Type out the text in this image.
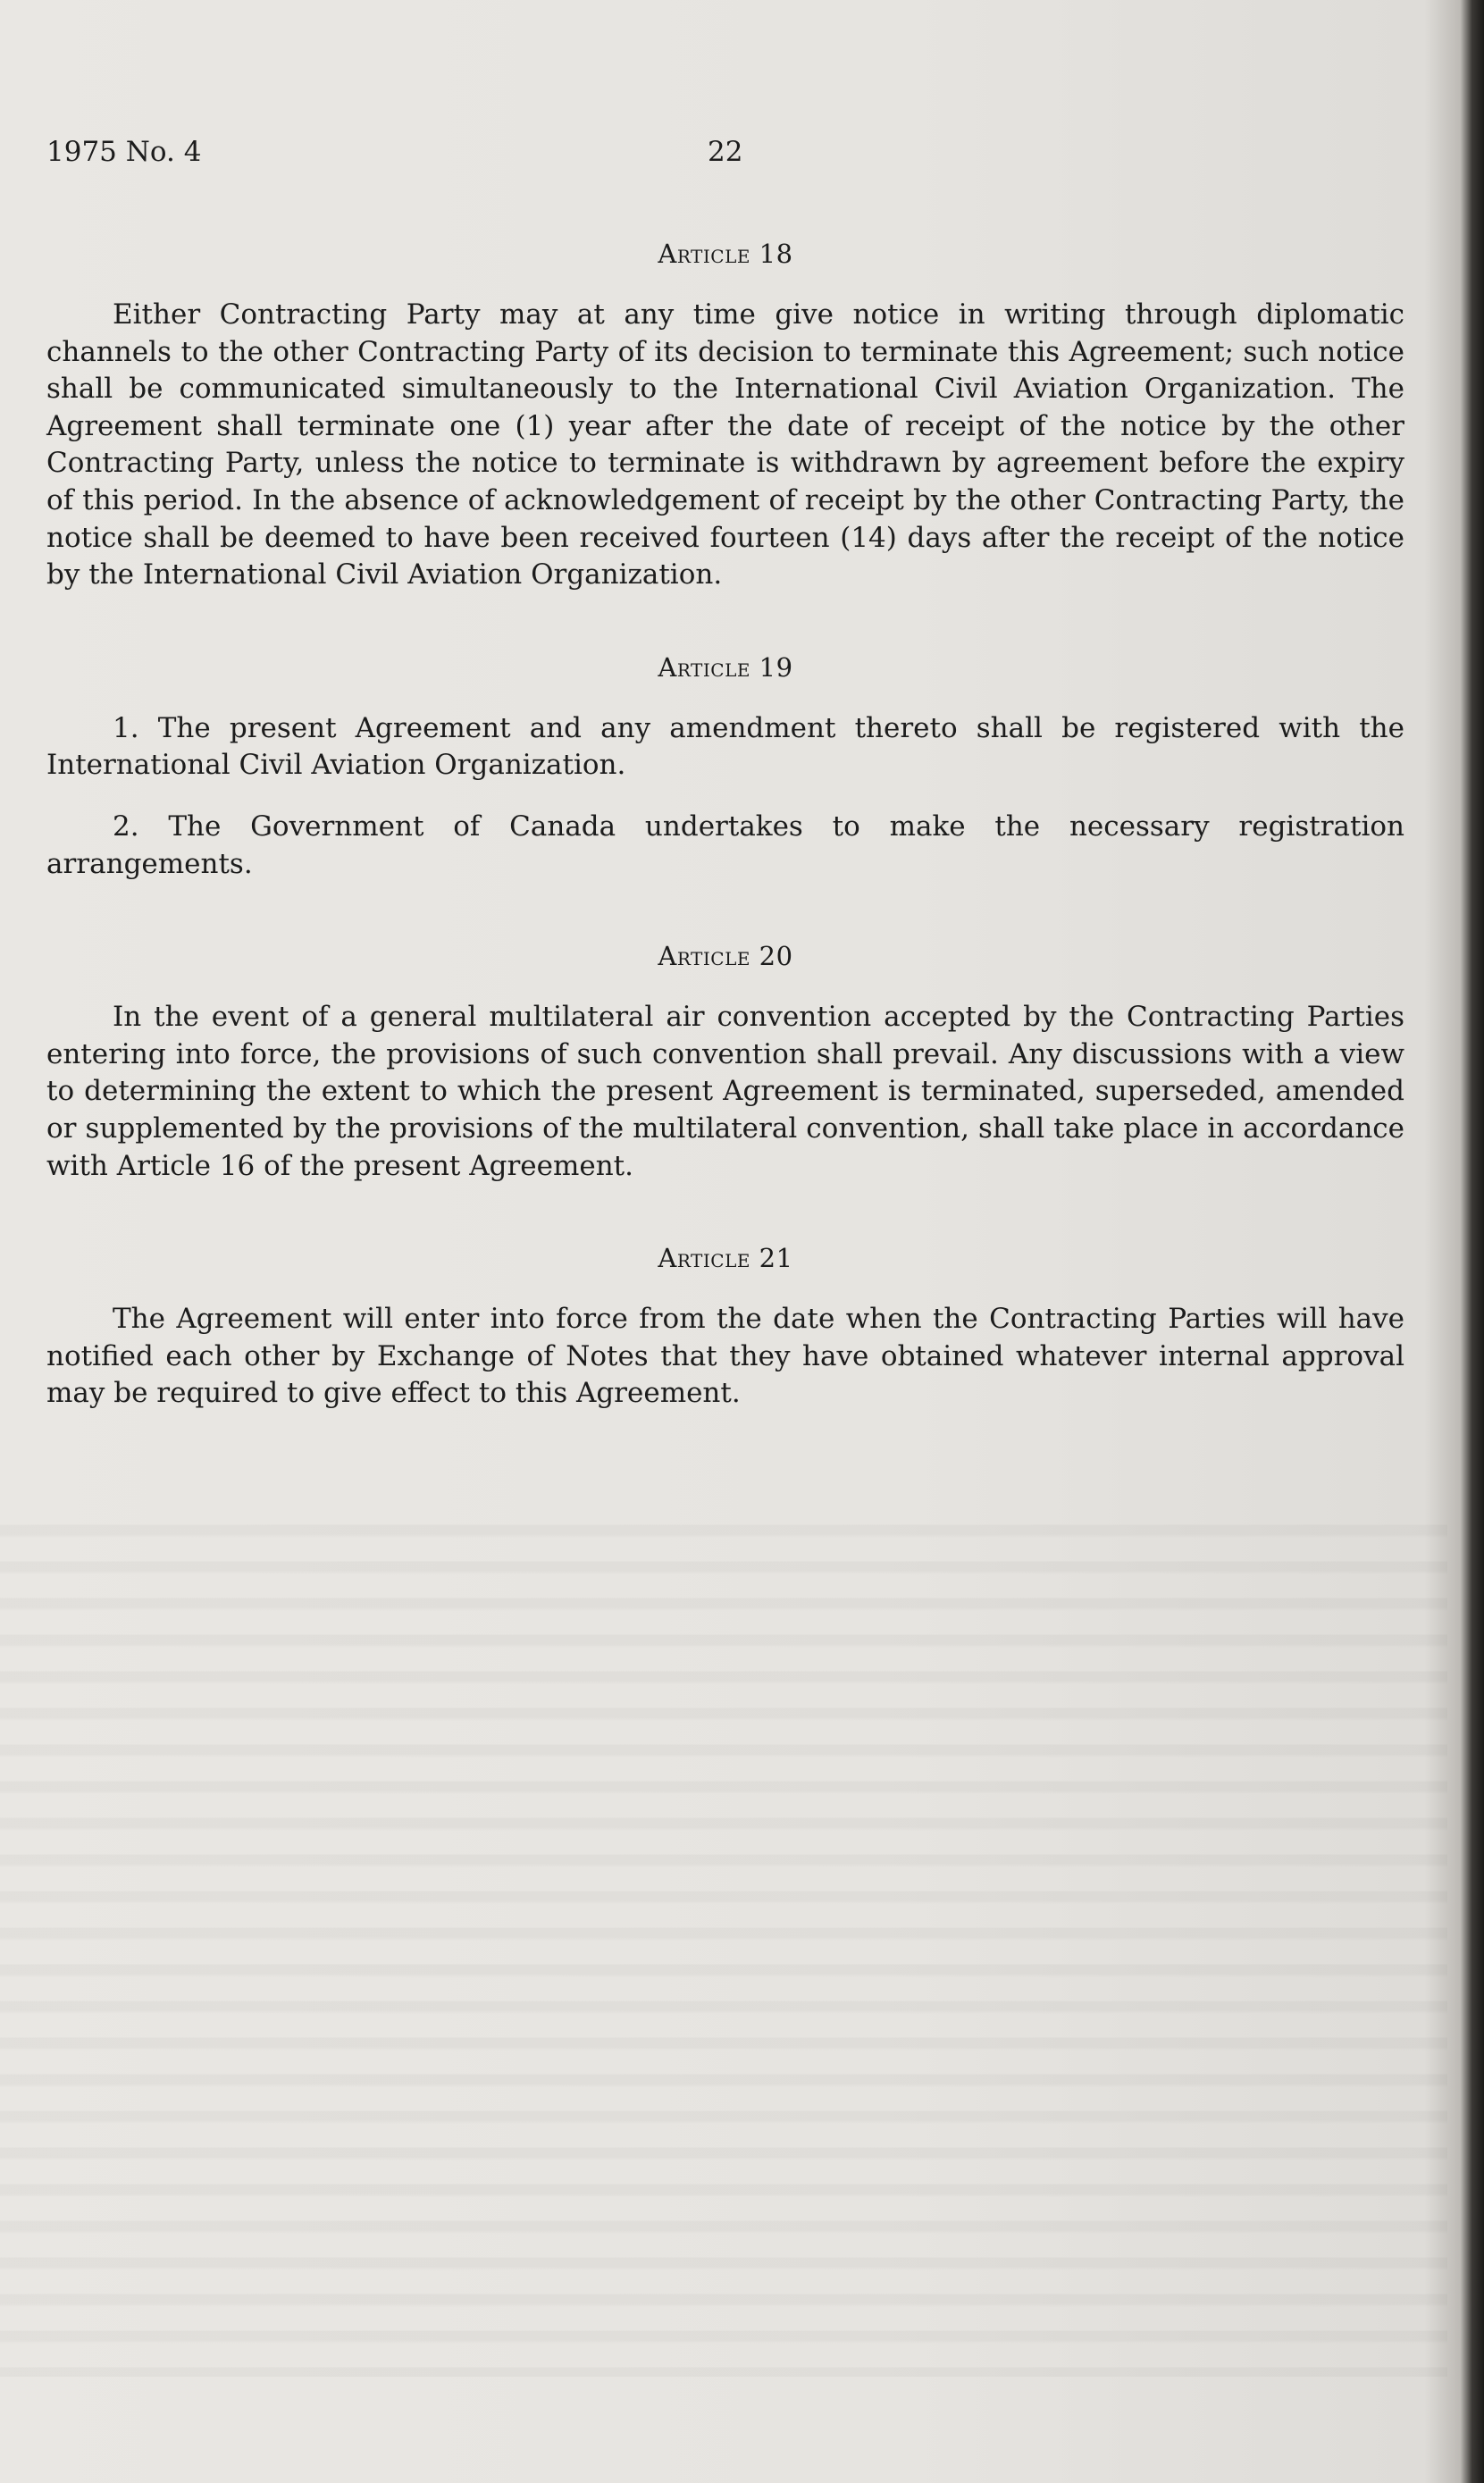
1975 No. 4	22
Article 18

Either Contracting Party may at any time give notice in writing through diplomatic channels to the other Contracting Party of its decision to terminate this Agreement; such notice shall be communicated simultaneously to the International Civil Aviation Organization. The Agreement shall terminate one (1) year after the date of receipt of the notice by the other Contracting Party, unless the notice to terminate is withdrawn by agreement before the expiry of this period. In the absence of acknowledgement of receipt by the other Contracting Party, the notice shall be deemed to have been received fourteen (14) days after the receipt of the notice by the International Civil Aviation Organization.

Article 19

1. The present Agreement and any amendment thereto shall be registered with the International Civil Aviation Organization.

2. The Government of Canada undertakes to make the necessary registration arrangements.

Article 20

In the event of a general multilateral air convention accepted by the Contracting Parties entering into force, the provisions of such convention shall prevail. Any discussions with a view to determining the extent to which the present Agreement is terminated, superseded, amended or supplemented by the provisions of the multilateral convention, shall take place in accordance with Article 16 of the present Agreement.

Article 21

The Agreement will enter into force from the date when the Contracting Parties will have notified each other by Exchange of Notes that they have obtained whatever internal approval may be required to give effect to this Agreement.
